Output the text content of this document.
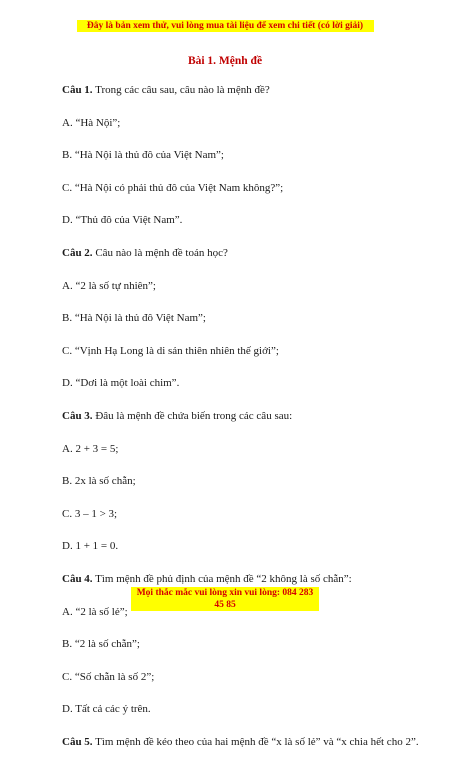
Đây là bản xem thử, vui lòng mua tài liệu để xem chi tiết (có lời giải)
Bài 1. Mệnh đề
Câu 1. Trong các câu sau, câu nào là mệnh đề?
A. “Hà Nội”;
B. “Hà Nội là thủ đô của Việt Nam”;
C. “Hà Nội có phải thủ đô của Việt Nam không?”;
D. “Thủ đô của Việt Nam”.
Câu 2. Câu nào là mệnh đề toán học?
A. “2 là số tự nhiên”;
B. “Hà Nội là thủ đô Việt Nam”;
C. “Vịnh Hạ Long là di sản thiên nhiên thế giới”;
D. “Dơi là một loài chim”.
Câu 3. Đâu là mệnh đề chứa biến trong các câu sau:
A. 2 + 3 = 5;
B. 2x là số chẵn;
C. 3 – 1 > 3;
D. 1 + 1 = 0.
Câu 4. Tìm mệnh đề phủ định của mệnh đề “2 không là số chẵn”:
A. “2 là số lẻ”;
B. “2 là số chẵn”;
C. “Số chẵn là số 2”;
D. Tất cả các ý trên.
Câu 5. Tìm mệnh đề kéo theo của hai mệnh đề “x là số lẻ” và “x chia hết cho 2”.
Mọi thắc mắc vui lòng xin vui lòng: 084 283 45 85
